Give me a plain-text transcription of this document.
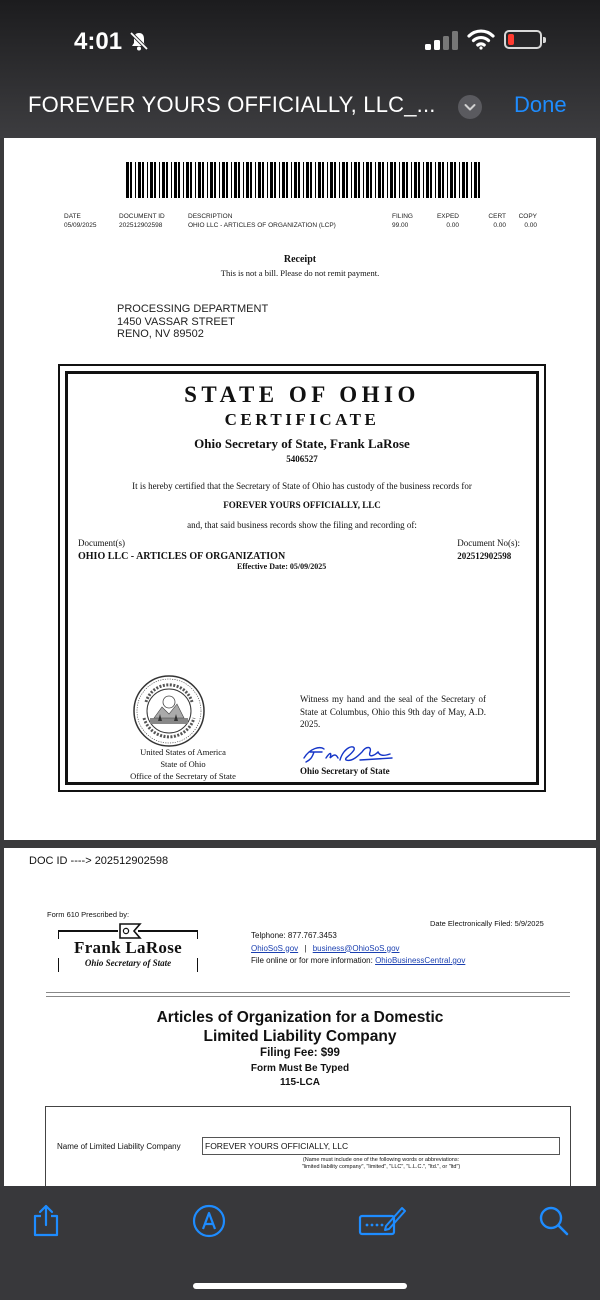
4:01
FOREVER YOURS OFFICIALLY, LLC_...	Done
DATE
05/09/2025
DOCUMENT ID
202512902598
DESCRIPTION
OHIO LLC - ARTICLES OF ORGANIZATION (LCP)
FILING
99.00
EXPED
0.00
CERT
0.00
COPY
0.00
Receipt
This is not a bill. Please do not remit payment.
PROCESSING DEPARTMENT
1450 VASSAR STREET
RENO, NV 89502
STATE OF OHIO
CERTIFICATE
Ohio Secretary of State, Frank LaRose
5406527
It is hereby certified that the Secretary of State of Ohio has custody of the business records for
FOREVER YOURS OFFICIALLY, LLC
and, that said business records show the filing and recording of:
Document(s)
OHIO LLC - ARTICLES OF ORGANIZATION
Document No(s):
202512902598
Effective Date: 05/09/2025
United States of America
State of Ohio
Office of the Secretary of State
Witness my hand and the seal of the Secretary of State at Columbus, Ohio this 9th day of May, A.D. 2025.
Ohio Secretary of State
DOC ID ----> 202512902598
Form 610 Prescribed by:
Frank LaRose
Ohio Secretary of State
Telphone: 877.767.3453
OhioSoS.gov | business@OhioSoS.gov
File online or for more information: OhioBusinessCentral.gov
Date Electronically Filed: 5/9/2025
Articles of Organization for a Domestic
Limited Liability Company
Filing Fee: $99
Form Must Be Typed
115-LCA
Name of Limited Liability Company	FOREVER YOURS OFFICIALLY, LLC
(Name must include one of the following words or abbreviations:
"limited liability company", "limited", "LLC", "L.L.C.", "ltd.", or "ltd")
